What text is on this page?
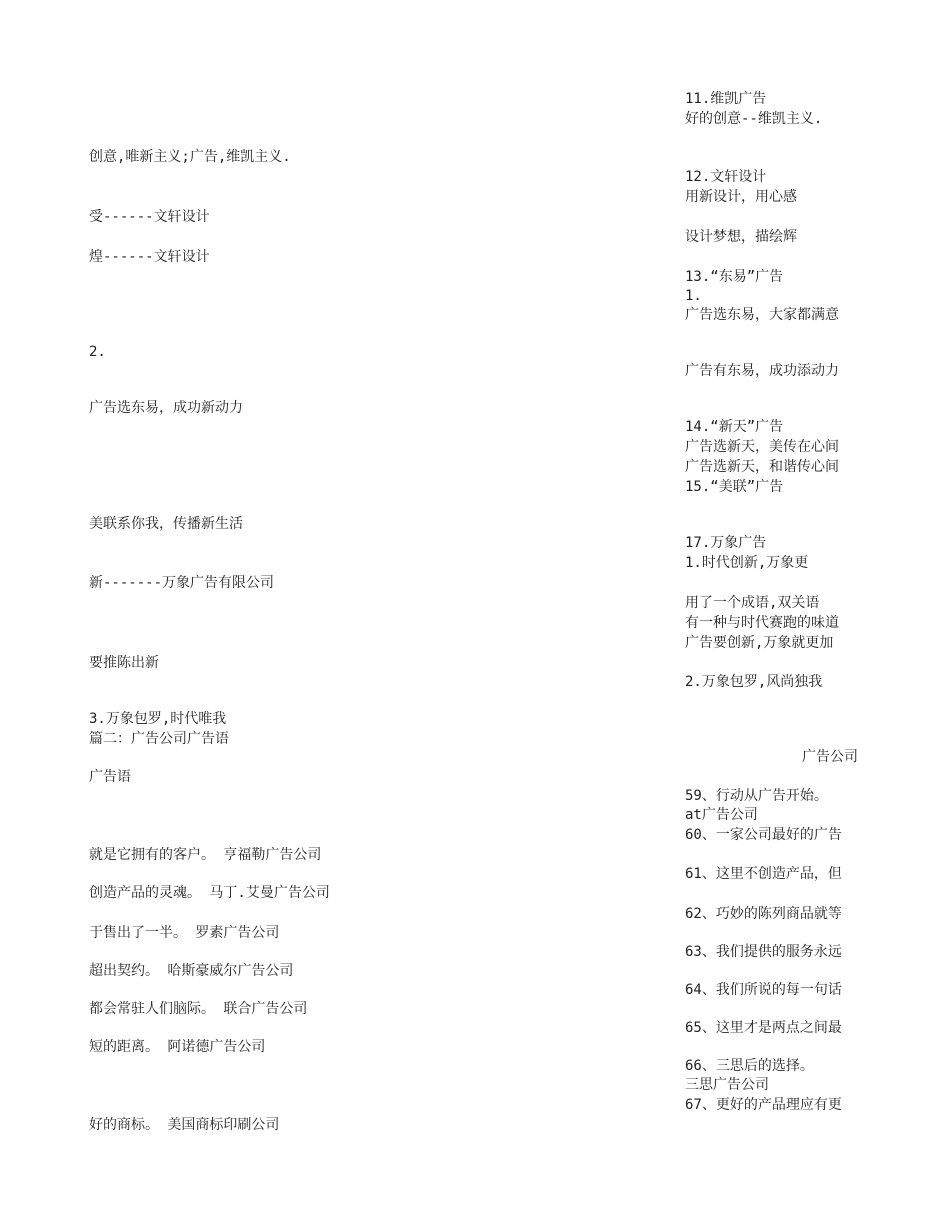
创意,唯新主义;广告,维凯主义.
受------文轩设计
煌------文轩设计
2.
广告选东易，成功新动力
美联系你我，传播新生活
新-------万象广告有限公司
要推陈出新
3.万象包罗,时代唯我
篇二：广告公司广告语
广告语
就是它拥有的客户。 亨福勒广告公司
创造产品的灵魂。 马丁.艾曼广告公司
于售出了一半。 罗素广告公司
超出契约。 哈斯豪威尔广告公司
都会常驻人们脑际。 联合广告公司
短的距离。 阿诺德广告公司
好的商标。 美国商标印刷公司
11.维凯广告
好的创意--维凯主义.
12.文轩设计
用新设计，用心感
设计梦想，描绘辉
13.“东易”广告
1.
广告选东易，大家都满意
广告有东易，成功添动力
14.“新天”广告
广告选新天，美传在心间
广告选新天，和谐传心间
15.“美联”广告
17.万象广告
1.时代创新,万象更
用了一个成语,双关语
有一种与时代赛跑的味道
广告要创新,万象就更加
2.万象包罗,风尚独我
广告公司
59、行动从广告开始。
at广告公司
60、一家公司最好的广告
61、这里不创造产品，但
62、巧妙的陈列商品就等
63、我们提供的服务永远
64、我们所说的每一句话
65、这里才是两点之间最
66、三思后的选择。
三思广告公司
67、更好的产品理应有更
